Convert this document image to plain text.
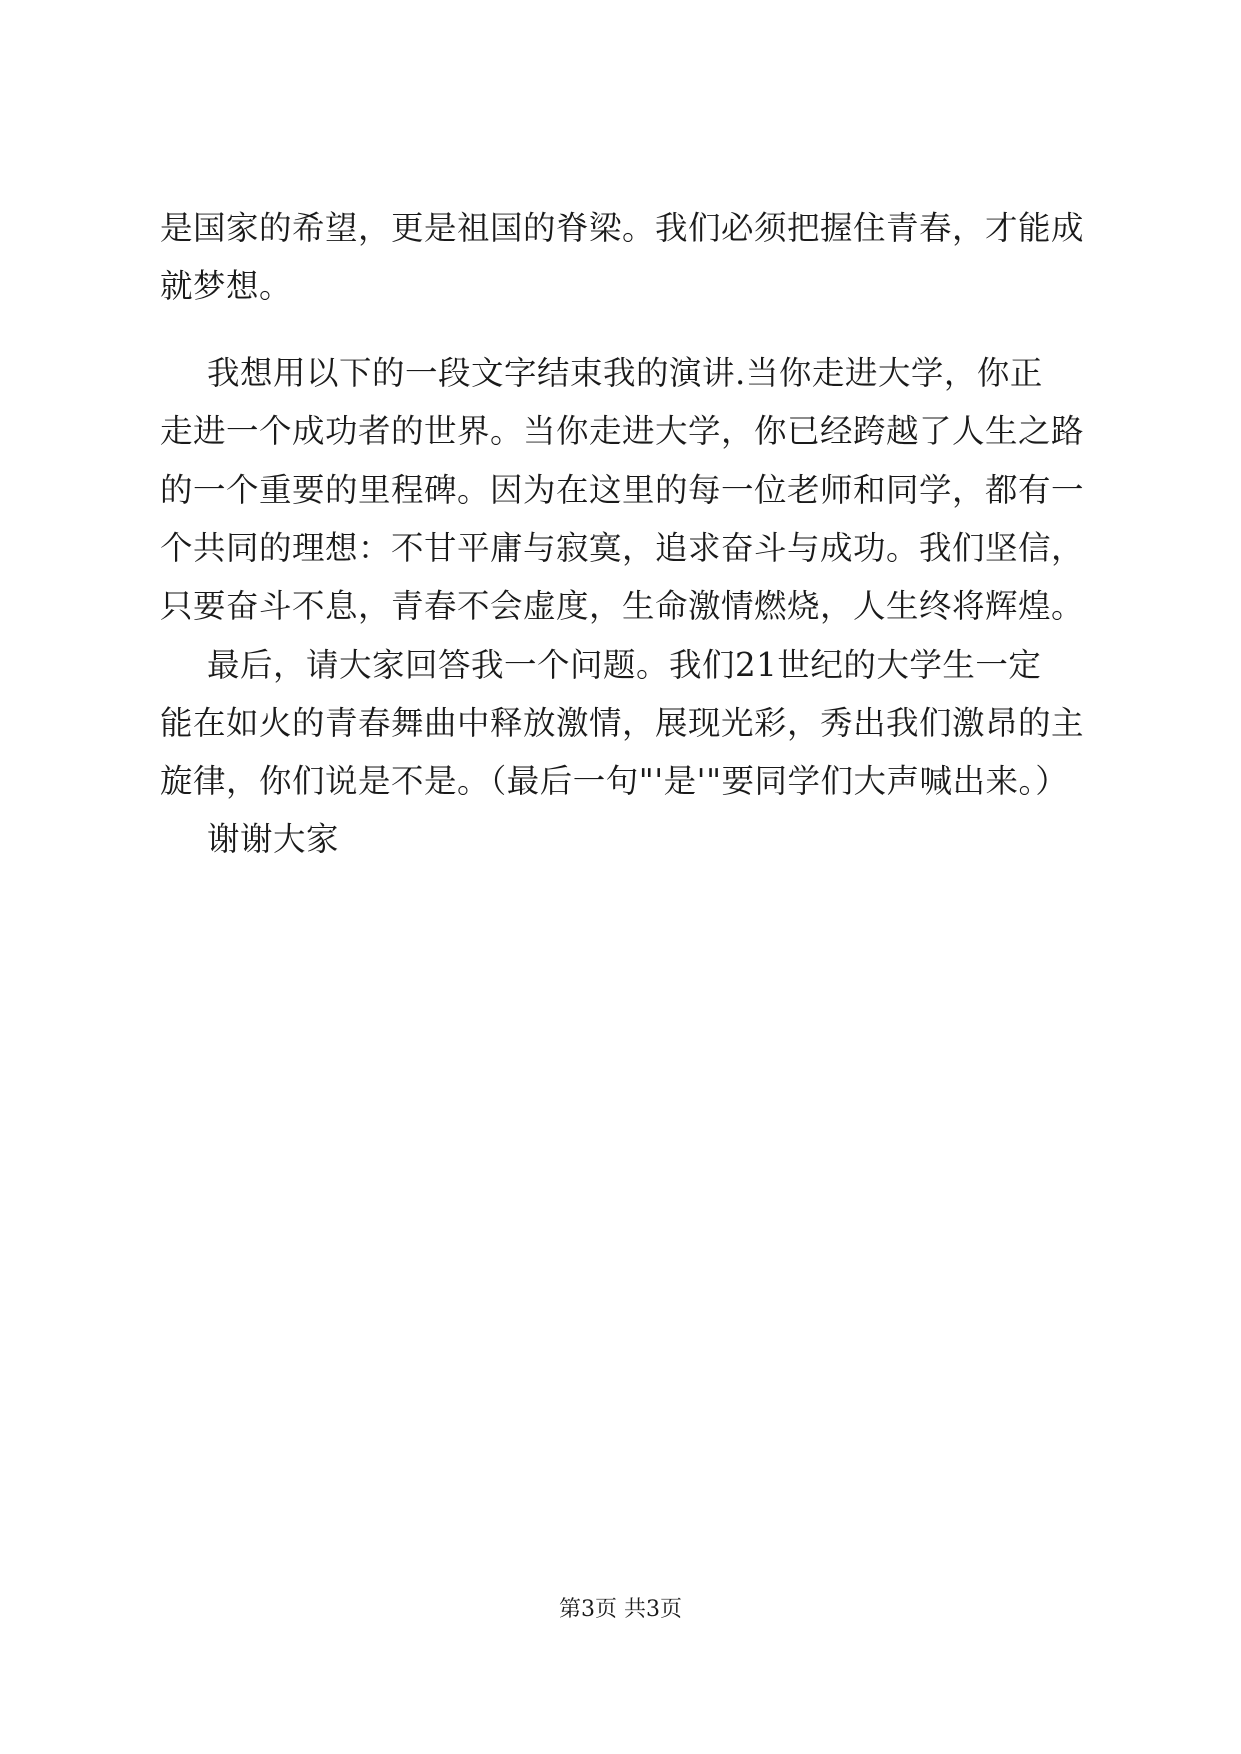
是国家的希望，更是祖国的脊梁。我们必须把握住青春，才能成
就梦想。
我想用以下的一段文字结束我的演讲.当你走进大学，你正
走进一个成功者的世界。当你走进大学，你已经跨越了人生之路
的一个重要的里程碑。因为在这里的每一位老师和同学，都有一
个共同的理想：不甘平庸与寂寞，追求奋斗与成功。我们坚信，
只要奋斗不息，青春不会虚度，生命激情燃烧，人生终将辉煌。
最后，请大家回答我一个问题。我们21世纪的大学生一定
能在如火的青春舞曲中释放激情，展现光彩，秀出我们激昂的主
旋律，你们说是不是。（最后一句"'是'"要同学们大声喊出来。）
谢谢大家
第3页 共3页
